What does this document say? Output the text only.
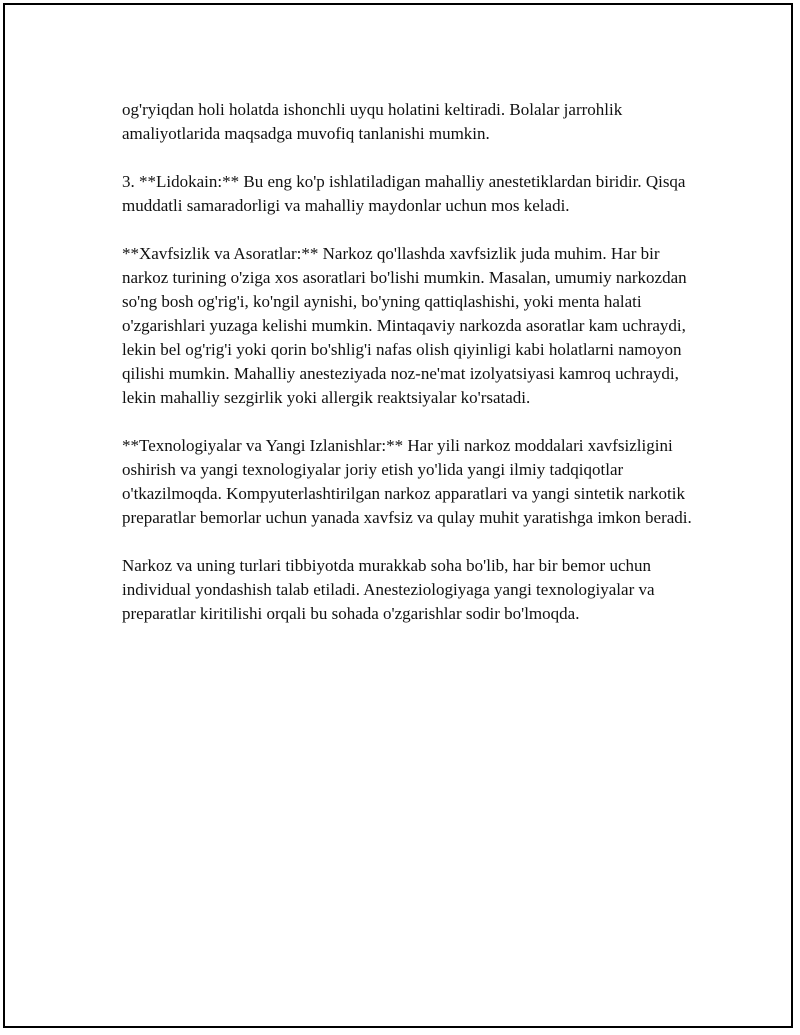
og'ryiqdan holi holatda ishonchli uyqu holatini keltiradi. Bolalar jarrohlik amaliyotlarida maqsadga muvofiq tanlanishi mumkin.

3. **Lidokain:** Bu eng ko'p ishlatiladigan mahalliy anestetiklardan biridir. Qisqa muddatli samaradorligi va mahalliy maydonlar uchun mos keladi.

**Xavfsizlik va Asoratlar:** Narkoz qo'llashda xavfsizlik juda muhim. Har bir narkoz turining o'ziga xos asoratlari bo'lishi mumkin. Masalan, umumiy narkozdan so'ng bosh og'rig'i, ko'ngil aynishi, bo'yning qattiqlashishi, yoki menta halati o'zgarishlari yuzaga kelishi mumkin. Mintaqaviy narkozda asoratlar kam uchraydi, lekin bel og'rig'i yoki qorin bo'shlig'i nafas olish qiyinligi kabi holatlarni namoyon qilishi mumkin. Mahalliy anesteziyada noz-ne'mat izolyatsiyasi kamroq uchraydi, lekin mahalliy sezgirlik yoki allergik reaktsiyalar ko'rsatadi.

**Texnologiyalar va Yangi Izlanishlar:** Har yili narkoz moddalari xavfsizligini oshirish va yangi texnologiyalar joriy etish yo'lida yangi ilmiy tadqiqotlar o'tkazilmoqda. Kompyuterlashtirilgan narkoz apparatlari va yangi sintetik narkotik preparatlar bemorlar uchun yanada xavfsiz va qulay muhit yaratishga imkon beradi.

Narkoz va uning turlari tibbiyotda murakkab soha bo'lib, har bir bemor uchun individual yondashish talab etiladi. Anesteziologiyaga yangi texnologiyalar va preparatlar kiritilishi orqali bu sohada o'zgarishlar sodir bo'lmoqda.
